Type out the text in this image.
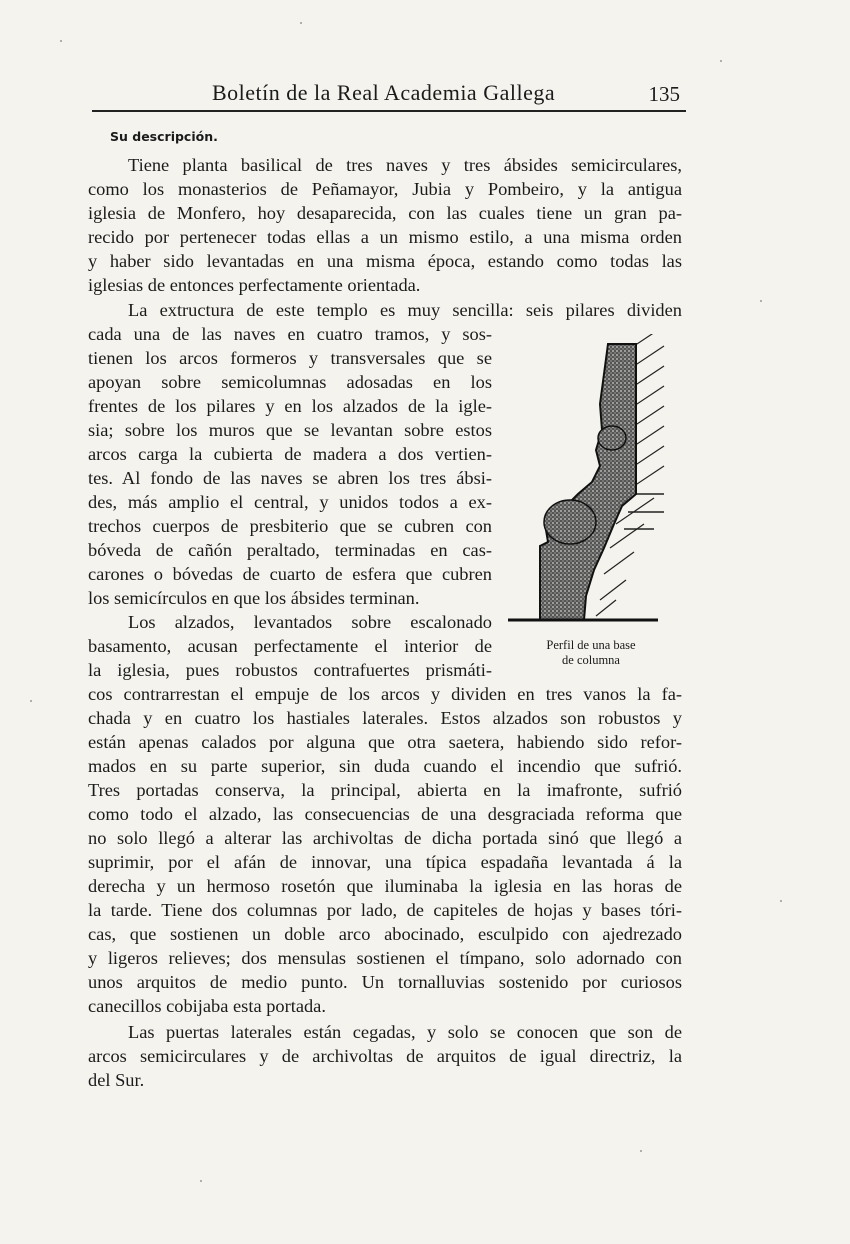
Boletín de la Real Academia Gallega	135
Su descripción.
Tiene planta basilical de tres naves y tres ábsides semicirculares,
como los monasterios de Peñamayor, Jubia y Pombeiro, y la antigua
iglesia de Monfero, hoy desaparecida, con las cuales tiene un gran pa-
recido por pertenecer todas ellas a un mismo estilo, a una misma orden
y haber sido levantadas en una misma época, estando como todas las
iglesias de entonces perfectamente orientada.
La extructura de este templo es muy sencilla: seis pilares dividen
cada una de las naves en cuatro tramos, y sos-
tienen los arcos formeros y transversales que se
apoyan sobre semicolumnas adosadas en los
frentes de los pilares y en los alzados de la igle-
sia; sobre los muros que se levantan sobre estos
arcos carga la cubierta de madera a dos vertien-
tes. Al fondo de las naves se abren los tres ábsi-
des, más amplio el central, y unidos todos a ex-
trechos cuerpos de presbiterio que se cubren con
bóveda de cañón peraltado, terminadas en cas-
carones o bóvedas de cuarto de esfera que cubren
los semicírculos en que los ábsides terminan.
Los alzados, levantados sobre escalonado
basamento, acusan perfectamente el interior de
la iglesia, pues robustos contrafuertes prismáti-
cos contrarrestan el empuje de los arcos y dividen en tres vanos la fa-
chada y en cuatro los hastiales laterales. Estos alzados son robustos y
están apenas calados por alguna que otra saetera, habiendo sido refor-
mados en su parte superior, sin duda cuando el incendio que sufrió.
Tres portadas conserva, la principal, abierta en la imafronte, sufrió
como todo el alzado, las consecuencias de una desgraciada reforma que
no solo llegó a alterar las archivoltas de dicha portada sinó que llegó a
suprimir, por el afán de innovar, una típica espadaña levantada á la
derecha y un hermoso rosetón que iluminaba la iglesia en las horas de
la tarde. Tiene dos columnas por lado, de capiteles de hojas y bases tóri-
cas, que sostienen un doble arco abocinado, esculpido con ajedrezado
y ligeros relieves; dos mensulas sostienen el tímpano, solo adornado con
unos arquitos de medio punto. Un tornalluvias sostenido por curiosos
canecillos cobijaba esta portada.
Las puertas laterales están cegadas, y solo se conocen que son de
arcos semicirculares y de archivoltas de arquitos de igual directriz, la
del Sur.
Perfil de una base
de columna
